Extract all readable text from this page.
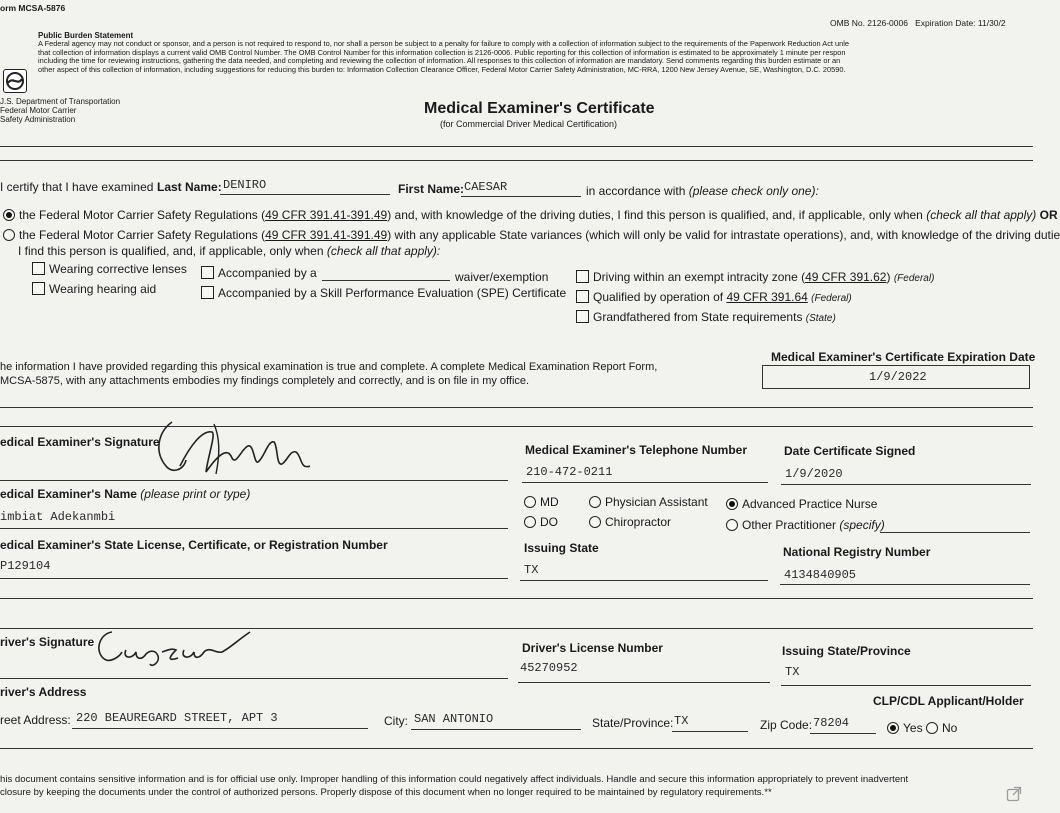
orm MCSA-5876
OMB No. 2126-0006 Expiration Date: 11/30/2
Public Burden Statement
A Federal agency may not conduct or sponsor, and a person is not required to respond to, nor shall a person be subject to a penalty for failure to comply with a collection of information subject to the requirements of the Paperwork Reduction Act unle
that collection of information displays a current valid OMB Control Number. The OMB Control Number for this information collection is 2126-0006. Public reporting for this collection of information is estimated to be approximately 1 minute per respon
including the time for reviewing instructions, gathering the data needed, and completing and reviewing the collection of information. All responses to this collection of information are mandatory. Send comments regarding this burden estimate or an
other aspect of this collection of information, including suggestions for reducing this burden to: Information Collection Clearance Officer, Federal Motor Carrier Safety Administration, MC-RRA, 1200 New Jersey Avenue, SE, Washington, D.C. 20590.
J.S. Department of Transportation
Federal Motor Carrier
Safety Administration
Medical Examiner's Certificate
(for Commercial Driver Medical Certification)
I certify that I have examined Last Name: DENIRO	First Name: CAESAR	in accordance with (please check only one):
the Federal Motor Carrier Safety Regulations (49 CFR 391.41-391.49) and, with knowledge of the driving duties, I find this person is qualified, and, if applicable, only when (check all that apply) OR
the Federal Motor Carrier Safety Regulations (49 CFR 391.41-391.49) with any applicable State variances (which will only be valid for intrastate operations), and, with knowledge of the driving dutie
I find this person is qualified, and, if applicable, only when (check all that apply):
Wearing corrective lenses
Wearing hearing aid
Accompanied by a	waiver/exemption
Accompanied by a Skill Performance Evaluation (SPE) Certificate
Driving within an exempt intracity zone (49 CFR 391.62) (Federal)
Qualified by operation of 49 CFR 391.64 (Federal)
Grandfathered from State requirements (State)
he information I have provided regarding this physical examination is true and complete. A complete Medical Examination Report Form,
MCSA-5875, with any attachments embodies my findings completely and correctly, and is on file in my office.
Medical Examiner's Certificate Expiration Date
1/9/2022
edical Examiner's Signature
Medical Examiner's Telephone Number
210-472-0211
Date Certificate Signed
1/9/2020
edical Examiner's Name (please print or type)
imbiat Adekanmbi
MD
DO
Physician Assistant
Chiropractor
Advanced Practice Nurse
Other Practitioner (specify)
edical Examiner's State License, Certificate, or Registration Number
P129104
Issuing State
TX
National Registry Number
4134840905
river's Signature	Driver's License Number
45270952
Issuing State/Province
TX
river's Address
CLP/CDL Applicant/Holder
reet Address: 220 BEAUREGARD STREET, APT 3	City: SAN ANTONIO	State/Province: TX	Zip Code: 78204	Yes	No
his document contains sensitive information and is for official use only. Improper handling of this information could negatively affect individuals. Handle and secure this information appropriately to prevent inadvertent
closure by keeping the documents under the control of authorized persons. Properly dispose of this document when no longer required to be maintained by regulatory requirements.**
